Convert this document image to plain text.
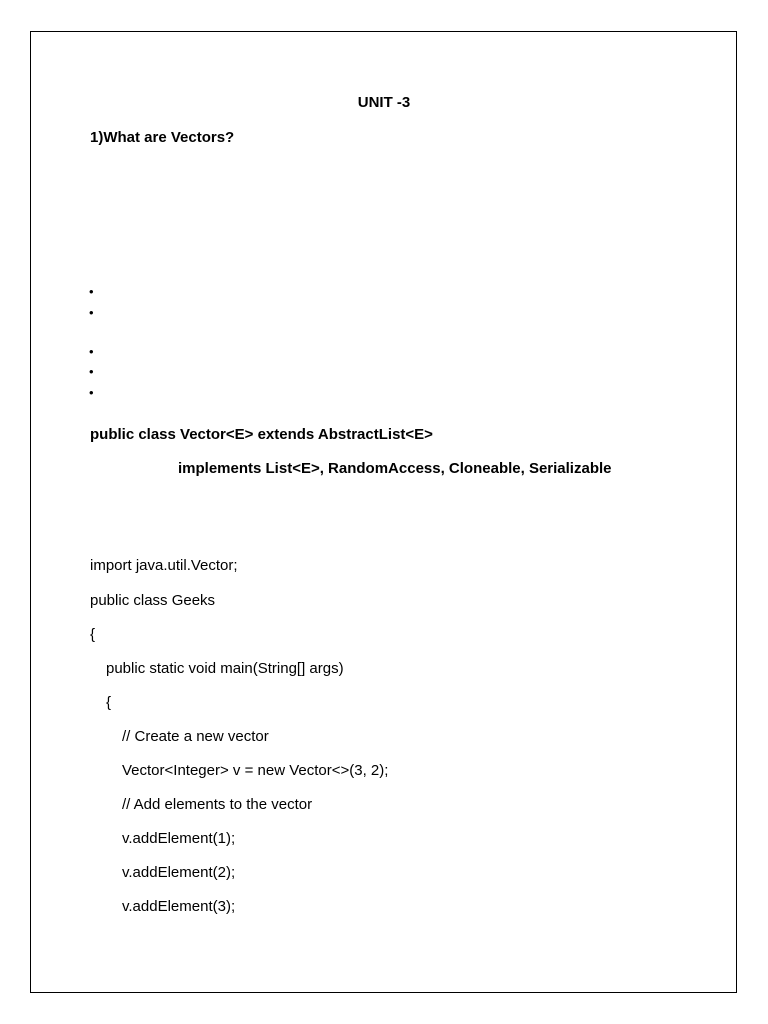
UNIT -3
1)What are Vectors?
•
•
•
•
•
public class Vector<E> extends AbstractList<E>
implements List<E>, RandomAccess, Cloneable, Serializable
import java.util.Vector;
public class Geeks
{
public static void main(String[] args)
{
// Create a new vector
Vector<Integer> v = new Vector<>(3, 2);
// Add elements to the vector
v.addElement(1);
v.addElement(2);
v.addElement(3);
